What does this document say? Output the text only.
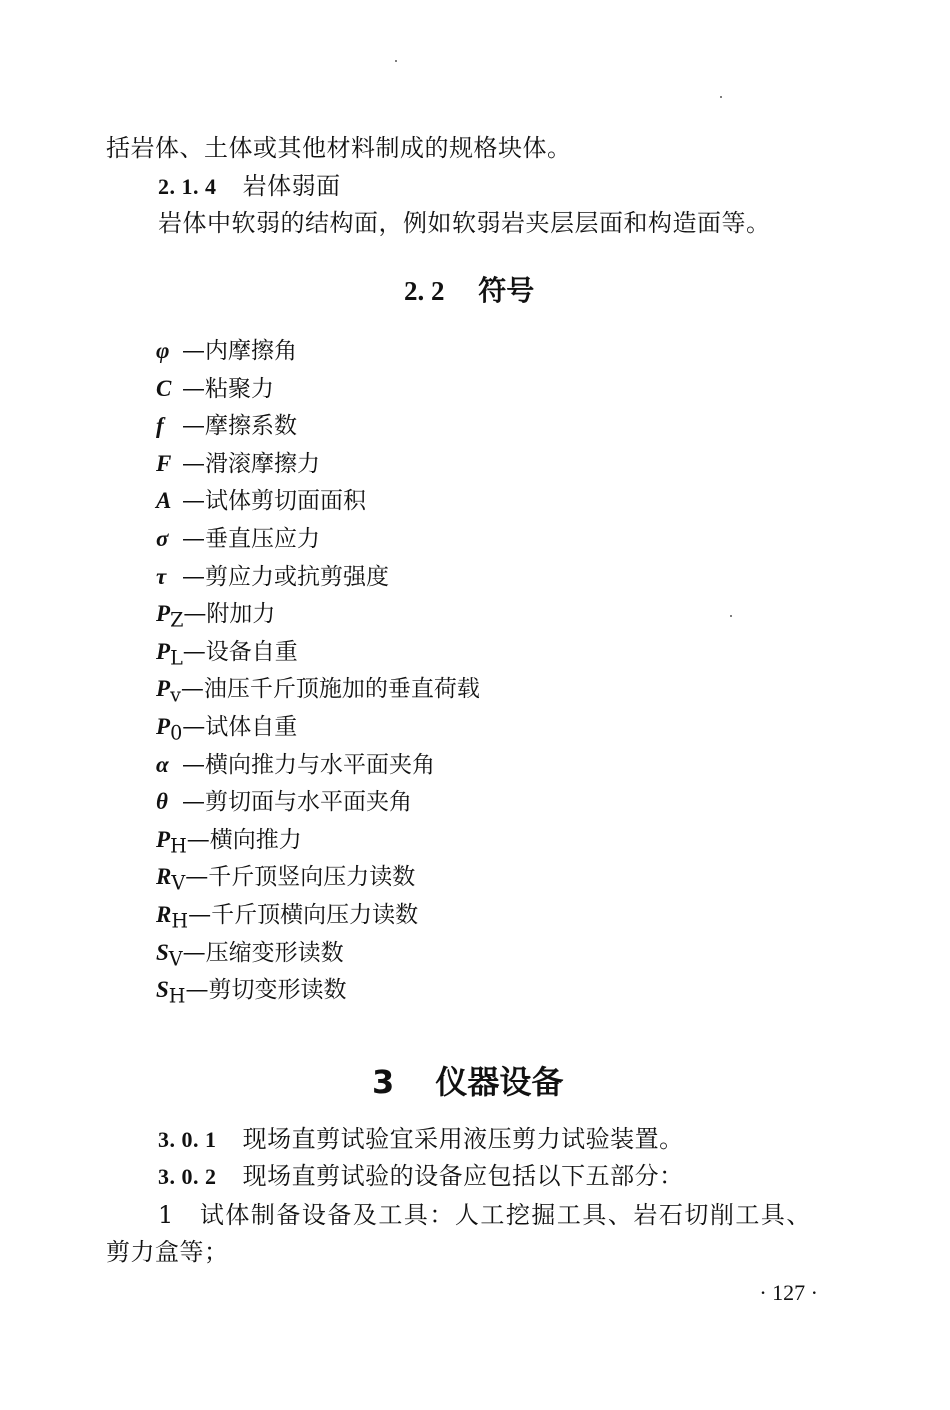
括岩体、土体或其他材料制成的规格块体。
2. 1. 4 岩体弱面
岩体中软弱的结构面，例如软弱岩夹层层面和构造面等。
2. 2 符号
φ —内摩擦角
C —粘聚力
f —摩擦系数
F —滑滚摩擦力
A —试体剪切面面积
σ —垂直压应力
τ —剪应力或抗剪强度
$P_Z—$附加力
$P_L—$设备自重
$P_v—$油压千斤顶施加的垂直荷载
$P_0—$试体自重
α —横向推力与水平面夹角
θ —剪切面与水平面夹角
$P_H—$横向推力
$R_V—$千斤顶竖向压力读数
$R_H—$千斤顶横向压力读数
$S_V—$压缩变形读数
$S_H—$剪切变形读数
3 仪器设备
3. 0. 1 现场直剪试验宜采用液压剪力试验装置。
3. 0. 2 现场直剪试验的设备应包括以下五部分：
1 试体制备设备及工具：人工挖掘工具、岩石切削工具、
剪力盒等；
· 127 ·
